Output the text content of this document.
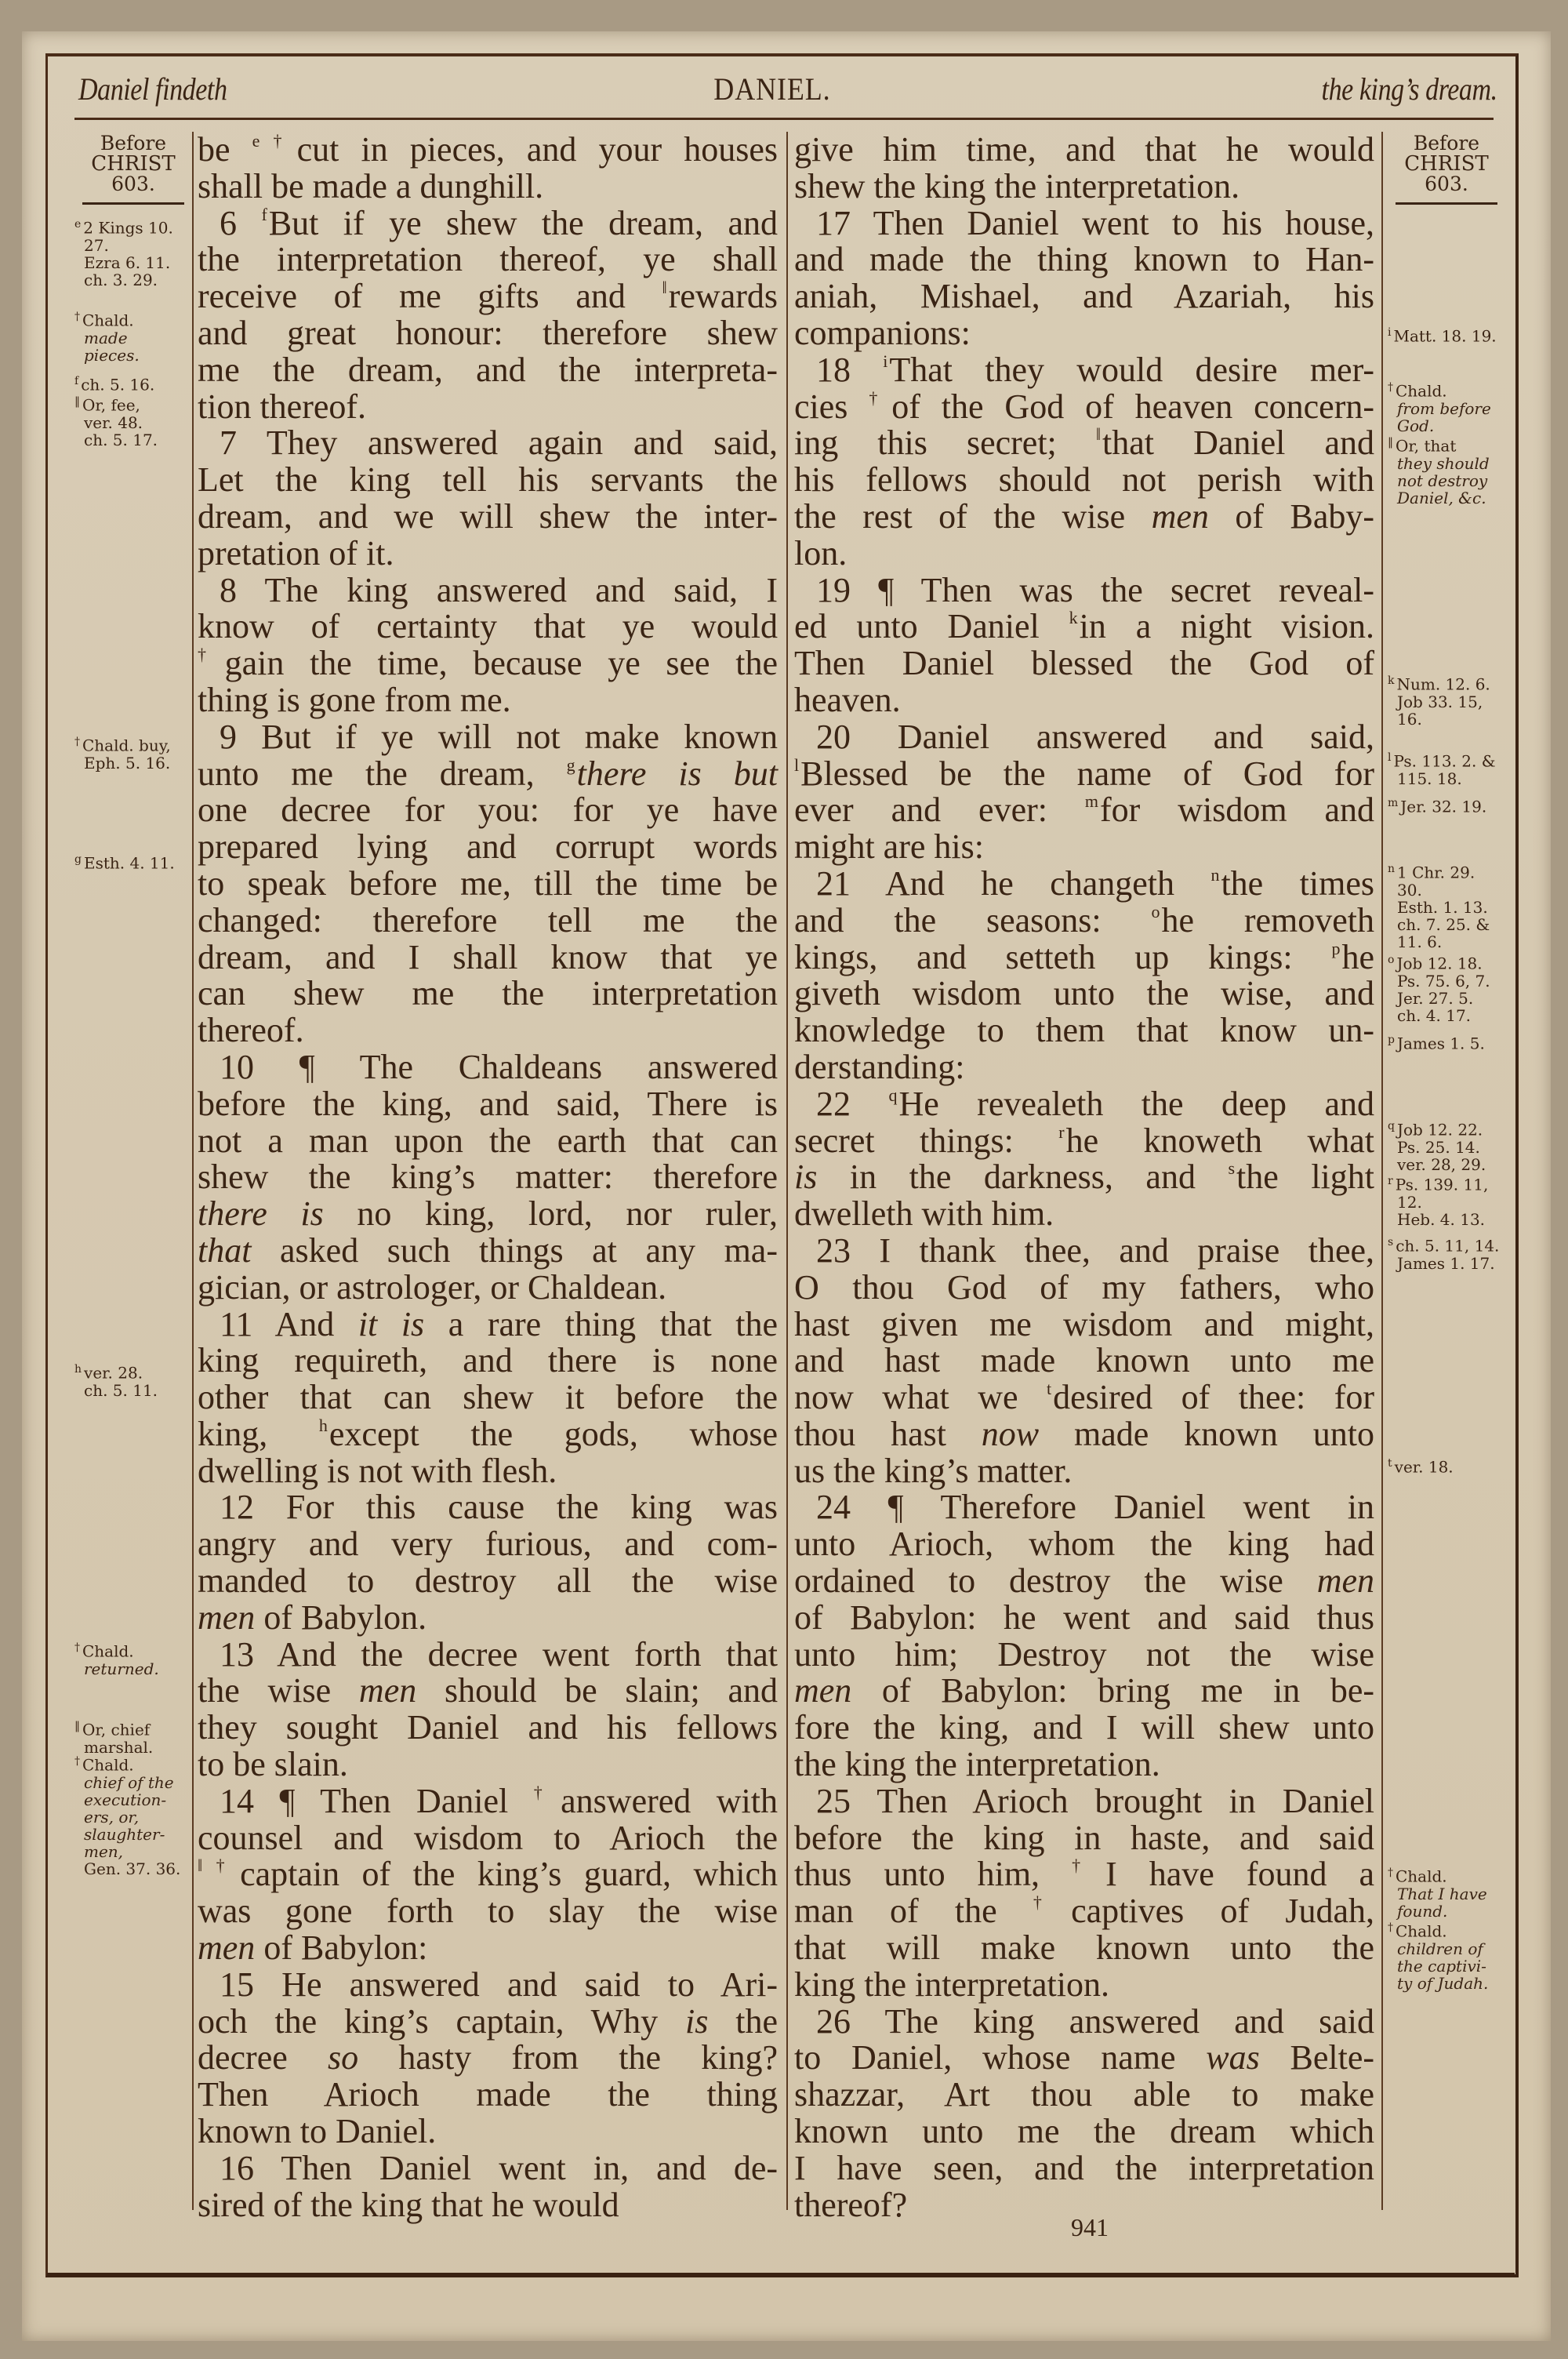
Daniel findeth	DANIEL.	the king’s dream.
Before
CHRIST
603.
$^e$ 2 Kings 10.
27.
Ezra 6. 11.
ch. 3. 29.
† Chald.
made
pieces.
$^f$ ch. 5. 16.
‖ Or, fee,
ver. 48.
ch. 5. 17.
† Chald. buy,
Eph. 5. 16.
$^g$ Esth. 4. 11.
$^h$ ver. 28.
ch. 5. 11.
† Chald.
returned.
‖ Or, chief
marshal.
† Chald.
chief of the
execution-
ers, or,
slaughter-
men,
Gen. 37. 36.
Before
CHRIST
603.
$^i$ Matt. 18. 19.
† Chald.
from before
God.
‖ Or, that
they should
not destroy
Daniel, &c.
$^k$ Num. 12. 6.
Job 33. 15,
16.
$^l$ Ps. 113. 2. &
115. 18.
$^m$ Jer. 32. 19.
$^n$ 1 Chr. 29.
30.
Esth. 1. 13.
ch. 7. 25. &
11. 6.
$^o$ Job 12. 18.
Ps. 75. 6, 7.
Jer. 27. 5.
ch. 4. 17.
$^p$ James 1. 5.
$^q$ Job 12. 22.
Ps. 25. 14.
ver. 28, 29.
$^r$ Ps. 139. 11,
12.
Heb. 4. 13.
$^s$ ch. 5. 11, 14.
James 1. 17.
$^t$ ver. 18.
† Chald.
That I have
found.
† Chald.
children of
the captivi-
ty of Judah.
be $^{e\dagger}$cut in pieces, and your houses
shall be made a dunghill.
6 $^f$But if ye shew the dream, and
the interpretation thereof, ye shall
receive of me gifts and ‖rewards
and great honour: therefore shew
me the dream, and the interpreta-
tion thereof.
7 They answered again and said,
Let the king tell his servants the
dream, and we will shew the inter-
pretation of it.
8 The king answered and said, I
know of certainty that ye would
†gain the time, because ye see the
thing is gone from me.
9 But if ye will not make known
unto me the dream, $^g$there is but
one decree for you: for ye have
prepared lying and corrupt words
to speak before me, till the time be
changed: therefore tell me the
dream, and I shall know that ye
can shew me the interpretation
thereof.
10 ¶ The Chaldeans answered
before the king, and said, There is
not a man upon the earth that can
shew the king’s matter: therefore
there is no king, lord, nor ruler,
that asked such things at any ma-
gician, or astrologer, or Chaldean.
11 And it is a rare thing that the
king requireth, and there is none
other that can shew it before the
king, $^h$except the gods, whose
dwelling is not with flesh.
12 For this cause the king was
angry and very furious, and com-
manded to destroy all the wise
men of Babylon.
13 And the decree went forth that
the wise men should be slain; and
they sought Daniel and his fellows
to be slain.
14 ¶ Then Daniel †answered with
counsel and wisdom to Arioch the
‖†captain of the king’s guard, which
was gone forth to slay the wise
men of Babylon:
15 He answered and said to Ari-
och the king’s captain, Why is the
decree so hasty from the king?
Then Arioch made the thing
known to Daniel.
16 Then Daniel went in, and de-
sired of the king that he would
give him time, and that he would
shew the king the interpretation.
17 Then Daniel went to his house,
and made the thing known to Han-
aniah, Mishael, and Azariah, his
companions:
18 $^i$That they would desire mer-
cies †of the God of heaven concern-
ing this secret; ‖that Daniel and
his fellows should not perish with
the rest of the wise men of Baby-
lon.
19 ¶ Then was the secret reveal-
ed unto Daniel $^k$in a night vision.
Then Daniel blessed the God of
heaven.
20 Daniel answered and said,
$^l$Blessed be the name of God for
ever and ever: $^m$for wisdom and
might are his:
21 And he changeth $^n$the times
and the seasons: $^o$he removeth
kings, and setteth up kings: $^p$he
giveth wisdom unto the wise, and
knowledge to them that know un-
derstanding:
22 $^q$He revealeth the deep and
secret things: $^r$he knoweth what
is in the darkness, and $^s$the light
dwelleth with him.
23 I thank thee, and praise thee,
O thou God of my fathers, who
hast given me wisdom and might,
and hast made known unto me
now what we $^t$desired of thee: for
thou hast now made known unto
us the king’s matter.
24 ¶ Therefore Daniel went in
unto Arioch, whom the king had
ordained to destroy the wise men
of Babylon: he went and said thus
unto him; Destroy not the wise
men of Babylon: bring me in be-
fore the king, and I will shew unto
the king the interpretation.
25 Then Arioch brought in Daniel
before the king in haste, and said
thus unto him, †I have found a
man of the †captives of Judah,
that will make known unto the
king the interpretation.
26 The king answered and said
to Daniel, whose name was Belte-
shazzar, Art thou able to make
known unto me the dream which
I have seen, and the interpretation
thereof?
941
